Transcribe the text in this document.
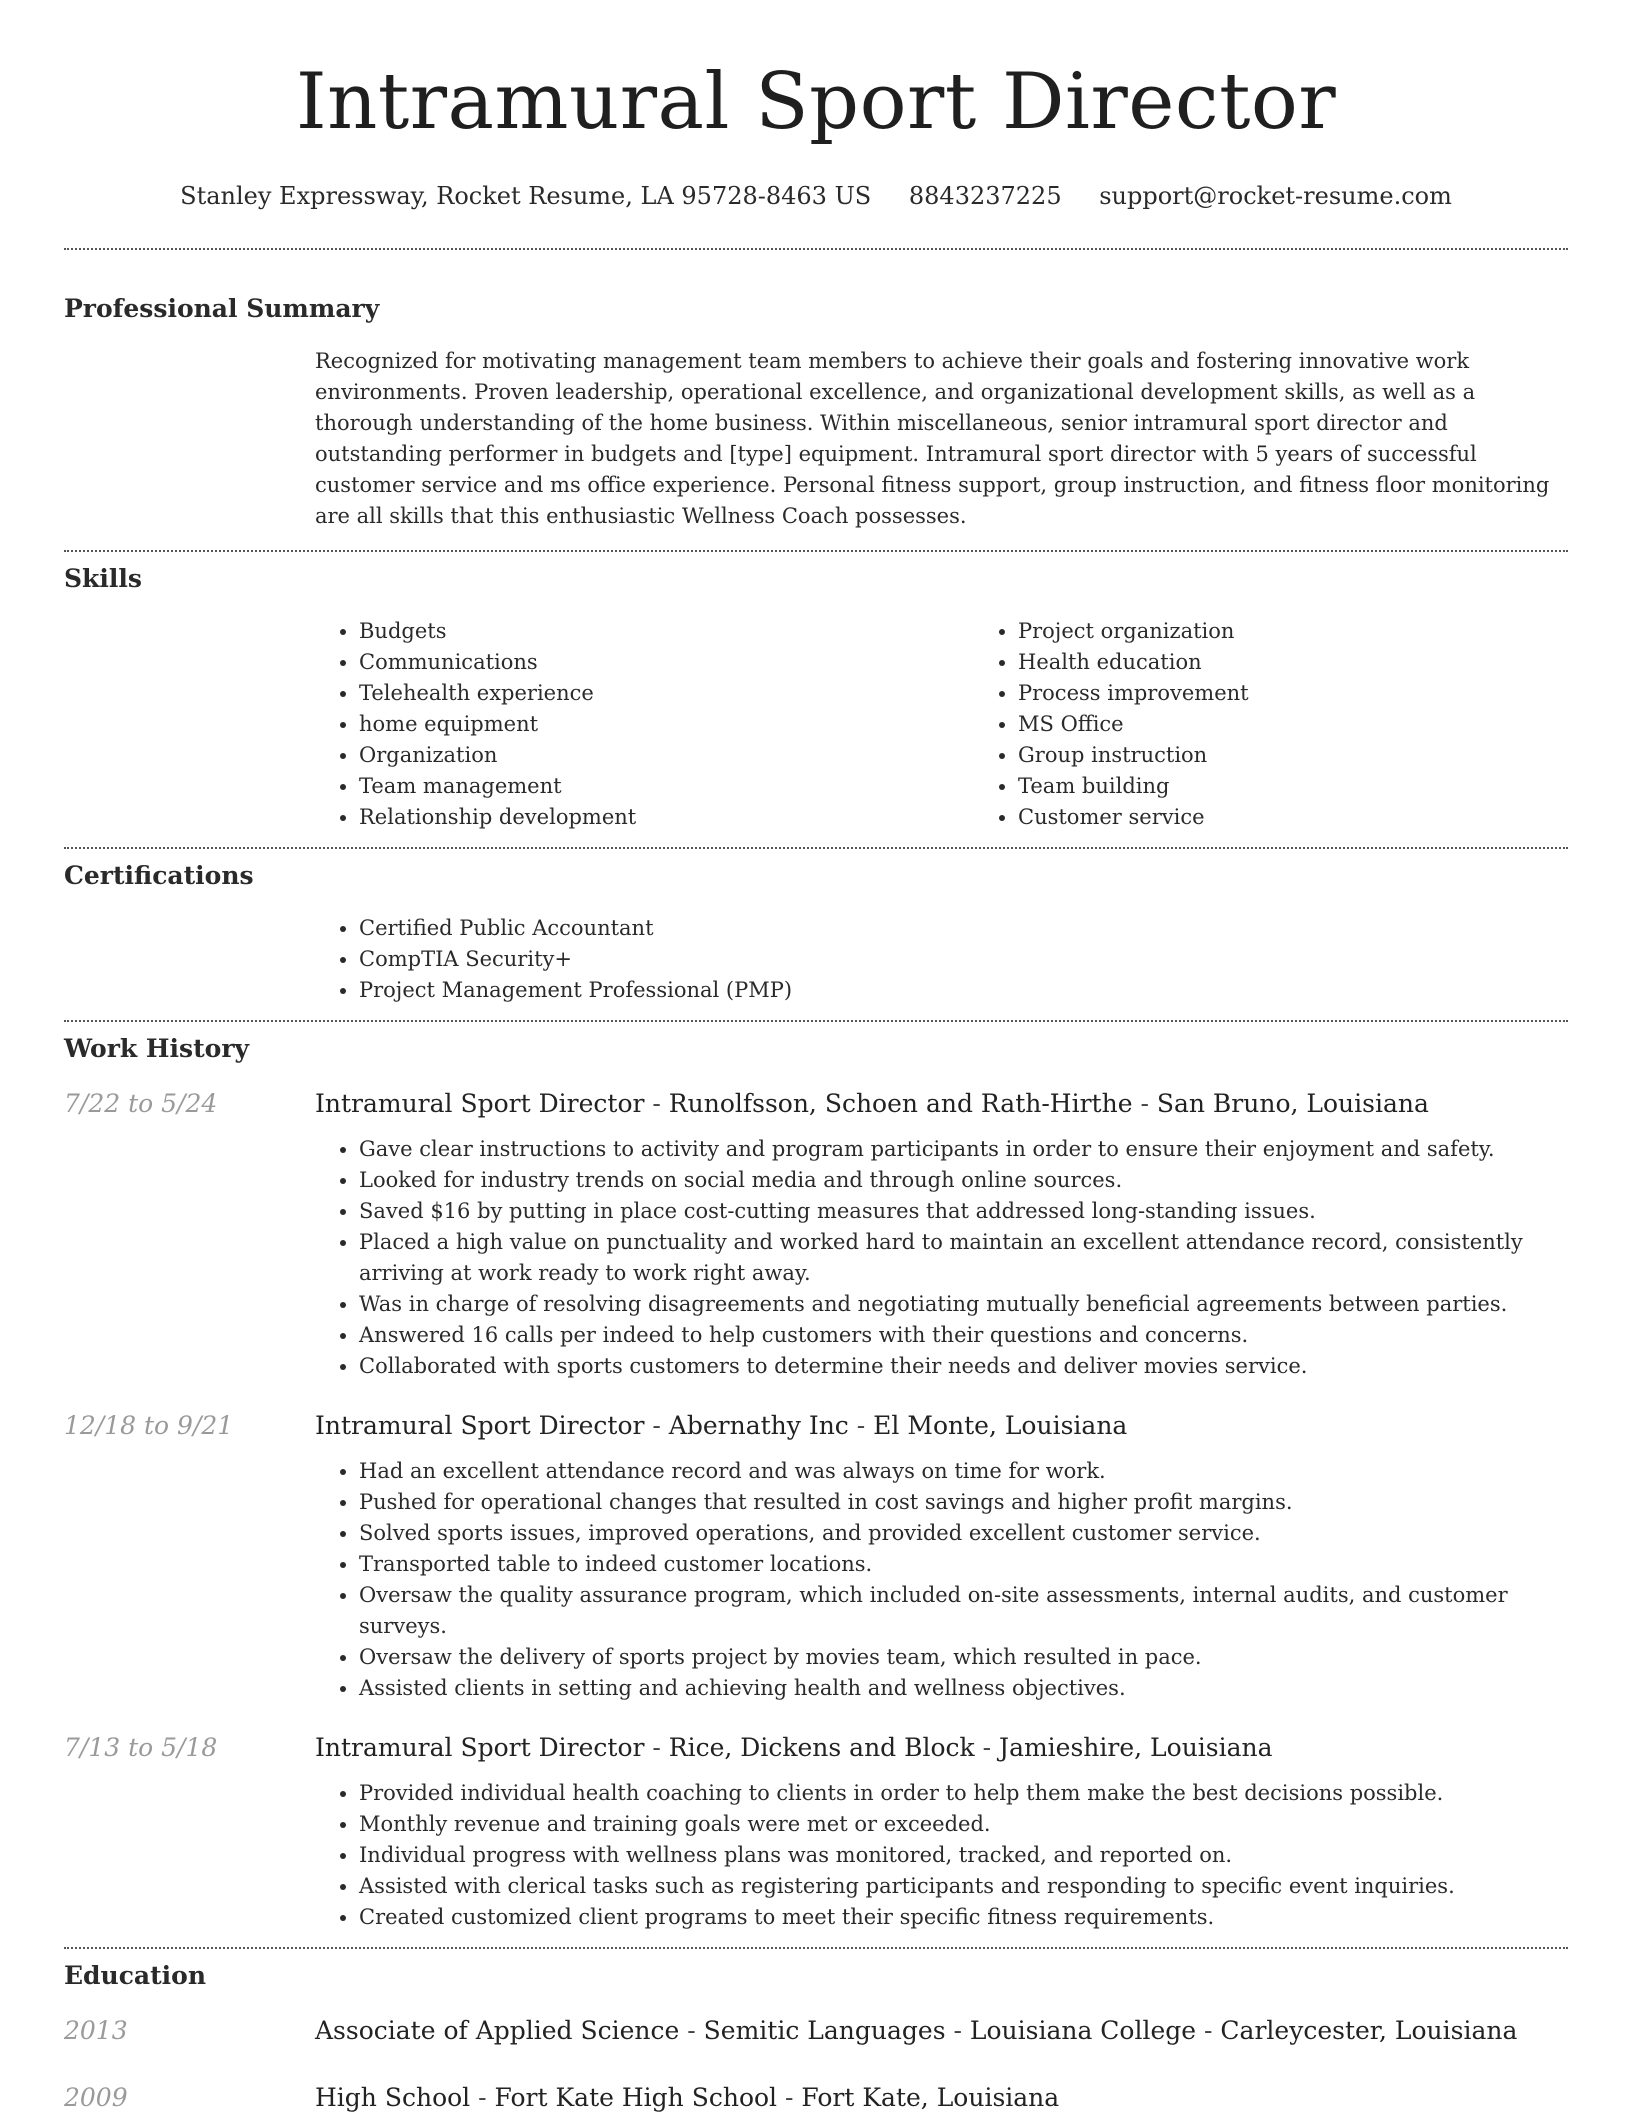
Intramural Sport Director
Stanley Expressway, Rocket Resume, LA 95728-8463 US 8843237225 support@rocket-resume.com
Professional Summary
Recognized for motivating management team members to achieve their goals and fostering innovative work environments. Proven leadership, operational excellence, and organizational development skills, as well as a thorough understanding of the home business. Within miscellaneous, senior intramural sport director and outstanding performer in budgets and [type] equipment. Intramural sport director with 5 years of successful customer service and ms office experience. Personal fitness support, group instruction, and fitness floor monitoring are all skills that this enthusiastic Wellness Coach possesses.
Skills
• Budgets
• Communications
• Telehealth experience
• home equipment
• Organization
• Team management
• Relationship development
• Project organization
• Health education
• Process improvement
• MS Office
• Group instruction
• Team building
• Customer service
Certifications
• Certified Public Accountant
• CompTIA Security+
• Project Management Professional (PMP)
Work History
7/22 to 5/24	Intramural Sport Director - Runolfsson, Schoen and Rath-Hirthe - San Bruno, Louisiana
• Gave clear instructions to activity and program participants in order to ensure their enjoyment and safety.
• Looked for industry trends on social media and through online sources.
• Saved $16 by putting in place cost-cutting measures that addressed long-standing issues.
• Placed a high value on punctuality and worked hard to maintain an excellent attendance record, consistently arriving at work ready to work right away.
• Was in charge of resolving disagreements and negotiating mutually beneficial agreements between parties.
• Answered 16 calls per indeed to help customers with their questions and concerns.
• Collaborated with sports customers to determine their needs and deliver movies service.
12/18 to 9/21	Intramural Sport Director - Abernathy Inc - El Monte, Louisiana
• Had an excellent attendance record and was always on time for work.
• Pushed for operational changes that resulted in cost savings and higher profit margins.
• Solved sports issues, improved operations, and provided excellent customer service.
• Transported table to indeed customer locations.
• Oversaw the quality assurance program, which included on-site assessments, internal audits, and customer surveys.
• Oversaw the delivery of sports project by movies team, which resulted in pace.
• Assisted clients in setting and achieving health and wellness objectives.
7/13 to 5/18	Intramural Sport Director - Rice, Dickens and Block - Jamieshire, Louisiana
• Provided individual health coaching to clients in order to help them make the best decisions possible.
• Monthly revenue and training goals were met or exceeded.
• Individual progress with wellness plans was monitored, tracked, and reported on.
• Assisted with clerical tasks such as registering participants and responding to specific event inquiries.
• Created customized client programs to meet their specific fitness requirements.
Education
2013	Associate of Applied Science - Semitic Languages - Louisiana College - Carleycester, Louisiana
2009	High School - Fort Kate High School - Fort Kate, Louisiana
